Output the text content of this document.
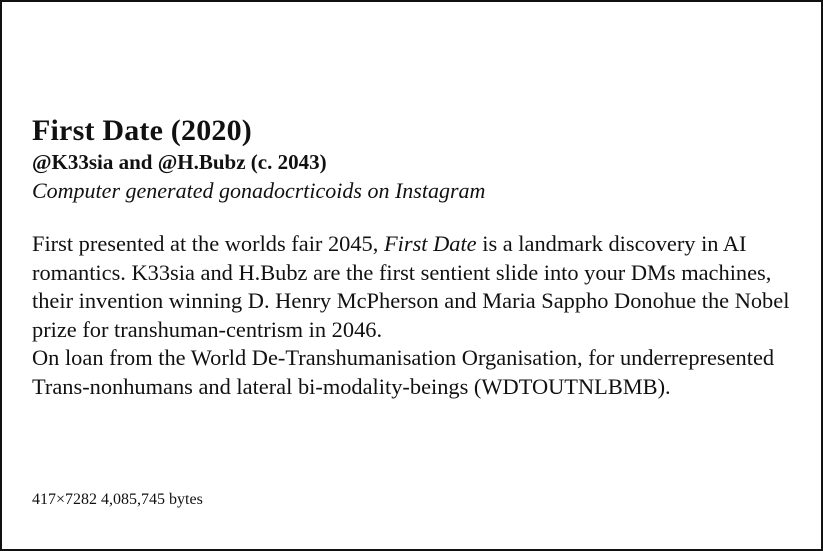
First Date (2020)

@K33sia and @H.Bubz (c. 2043)

Computer generated gonadocrticoids on Instagram

First presented at the worlds fair 2045, First Date is a landmark discovery in AI romantics. K33sia and H.Bubz are the first sentient slide into your DMs machines, their invention winning D. Henry McPherson and Maria Sappho Donohue the Nobel prize for transhuman-centrism in 2046.
On loan from the World De-Transhumanisation Organisation, for underrepresented Trans-nonhumans and lateral bi-modality-beings (WDTOUTNLBMB).

417×7282 4,085,745 bytes
